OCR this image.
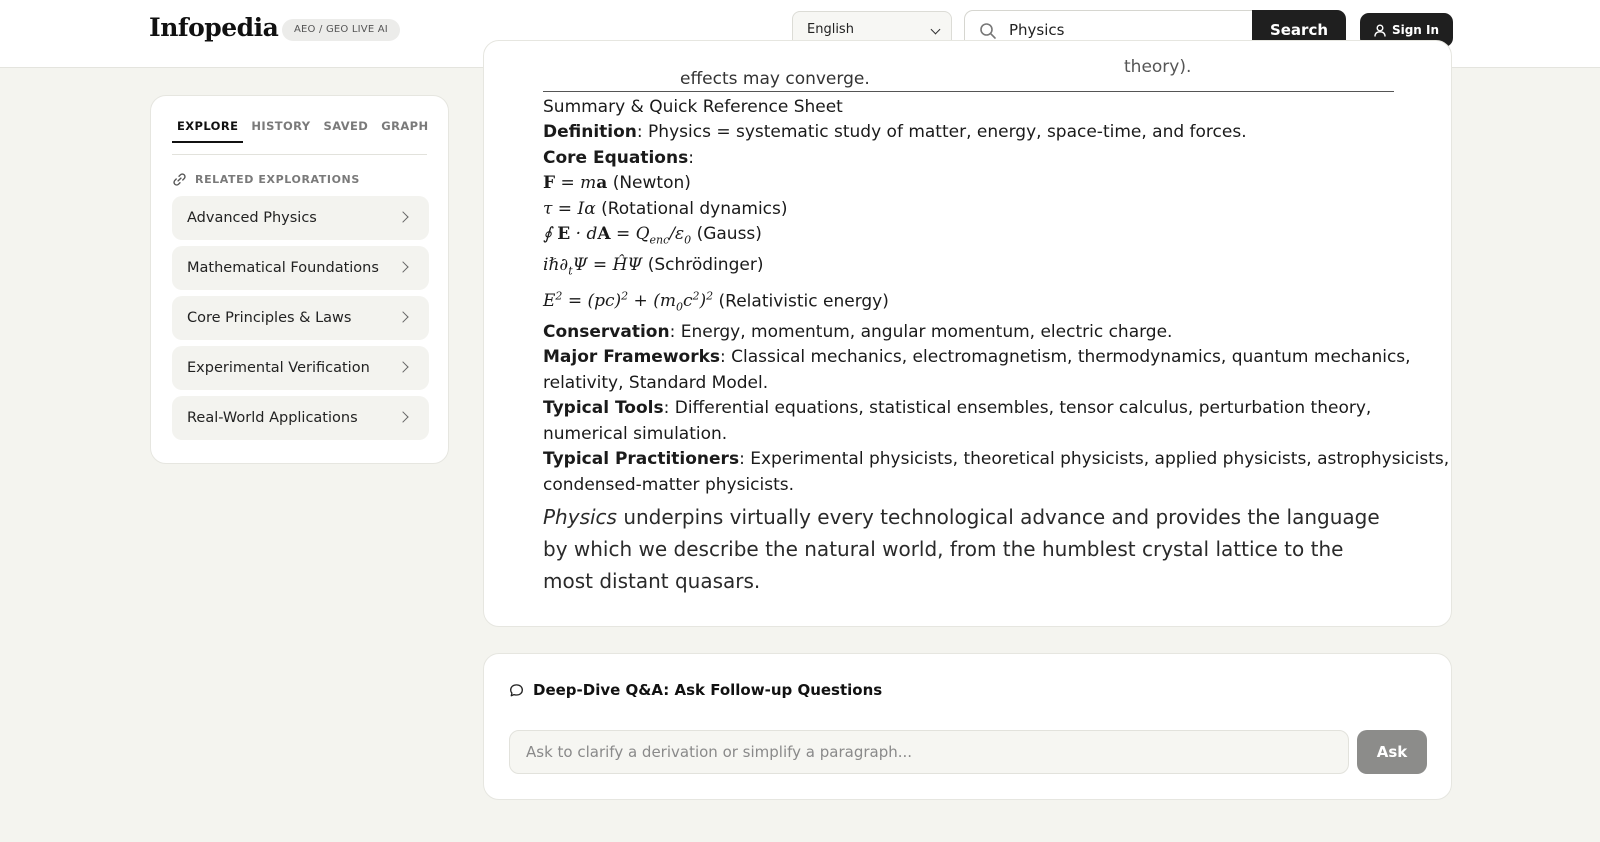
Infopedia	AEO / GEO LIVE AI	English
Physics	Search	Sign In
EXPLORE	HISTORY	SAVED	GRAPH
RELATED EXPLORATIONS
Advanced Physics
Mathematical Foundations
Core Principles & Laws
Experimental Verification
Real-World Applications
effects may converge.
theory).
Summary & Quick Reference Sheet
Definition: Physics = systematic study of matter, energy, space-time, and forces.
Core Equations:
F = ma (Newton)
τ = Iα (Rotational dynamics)
∮ E · dA = $Q_{enc}/\varepsilon_0$ (Gauss)
$i\hbar\partial_t\Psi$ = ĤΨ (Schrödinger)
$E^2 = (pc)^2 + (m_0c^2)^2$ (Relativistic energy)
Conservation: Energy, momentum, angular momentum, electric charge.
Major Frameworks: Classical mechanics, electromagnetism, thermodynamics, quantum mechanics,
relativity, Standard Model.
Typical Tools: Differential equations, statistical ensembles, tensor calculus, perturbation theory,
numerical simulation.
Typical Practitioners: Experimental physicists, theoretical physicists, applied physicists, astrophysicists,
condensed-matter physicists.
Physics underpins virtually every technological advance and provides the language by which we describe the natural world, from the humblest crystal lattice to the most distant quasars.
Deep-Dive Q&A: Ask Follow-up Questions
Ask to clarify a derivation or simplify a paragraph...
Ask
